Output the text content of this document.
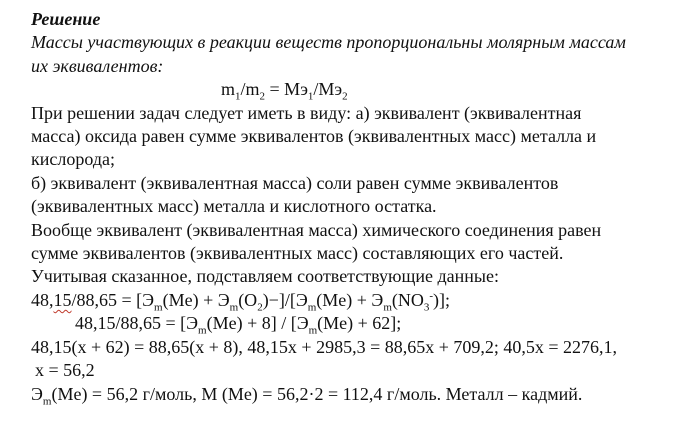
Решение
Массы участвующих в реакции веществ пропорциональны молярным массам
их эквивалентов:
$m_1/m_2 = Mэ_1/Mэ_2$
При решении задач следует иметь в виду: а) эквивалент (эквивалентная
масса) оксида равен сумме эквивалентов (эквивалентных масс) металла и
кислорода;
б) эквивалент (эквивалентная масса) соли равен сумме эквивалентов
(эквивалентных масс) металла и кислотного остатка.
Вообще эквивалент (эквивалентная масса) химического соединения равен
сумме эквивалентов (эквивалентных масс) составляющих его частей.
Учитывая сказанное, подставляем соответствующие данные:
$48,15/88,65 = [Э_m(Me) + Э_m(O_2)-]/[Э_m(Me) + Э_m(NO_3^-)]$;
$48,15/88,65 = [Э_m(Me) + 8] / [Э_m(Me) + 62]$;
48,15(x + 62) = 88,65(x + 8), 48,15x + 2985,3 = 88,65x + 709,2; 40,5x = 2276,1,
x = 56,2
$Э_m(Me) = 56,2$ г/моль, M (Me) = 56,2·2 = 112,4 г/моль. Металл – кадмий.
